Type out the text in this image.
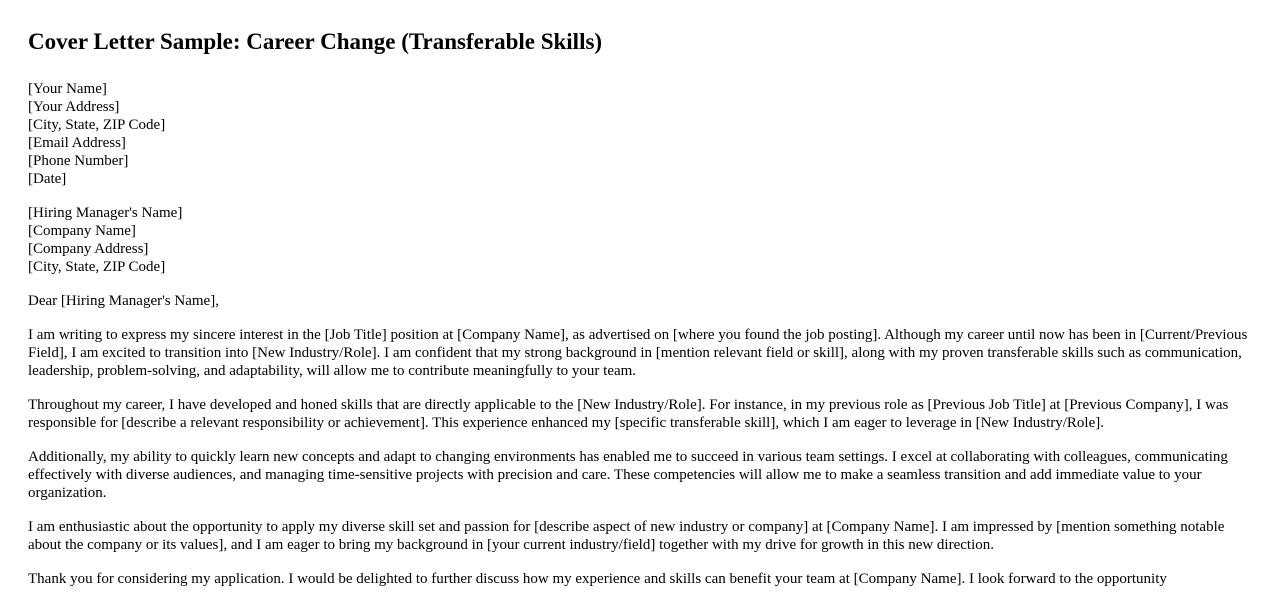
Cover Letter Sample: Career Change (Transferable Skills)
[Your Name]
[Your Address]
[City, State, ZIP Code]
[Email Address]
[Phone Number]
[Date]
[Hiring Manager's Name]
[Company Name]
[Company Address]
[City, State, ZIP Code]

Dear [Hiring Manager's Name],

I am writing to express my sincere interest in the [Job Title] position at [Company Name], as advertised on [where you found the job posting]. Although my career until now has been in [Current/Previous Field], I am excited to transition into [New Industry/Role]. I am confident that my strong background in [mention relevant field or skill], along with my proven transferable skills such as communication, leadership, problem-solving, and adaptability, will allow me to contribute meaningfully to your team.

Throughout my career, I have developed and honed skills that are directly applicable to the [New Industry/Role]. For instance, in my previous role as [Previous Job Title] at [Previous Company], I was responsible for [describe a relevant responsibility or achievement]. This experience enhanced my [specific transferable skill], which I am eager to leverage in [New Industry/Role].

Additionally, my ability to quickly learn new concepts and adapt to changing environments has enabled me to succeed in various team settings. I excel at collaborating with colleagues, communicating effectively with diverse audiences, and managing time-sensitive projects with precision and care. These competencies will allow me to make a seamless transition and add immediate value to your organization.

I am enthusiastic about the opportunity to apply my diverse skill set and passion for [describe aspect of new industry or company] at [Company Name]. I am impressed by [mention something notable about the company or its values], and I am eager to bring my background in [your current industry/field] together with my drive for growth in this new direction.

Thank you for considering my application. I would be delighted to further discuss how my experience and skills can benefit your team at [Company Name]. I look forward to the opportunity
